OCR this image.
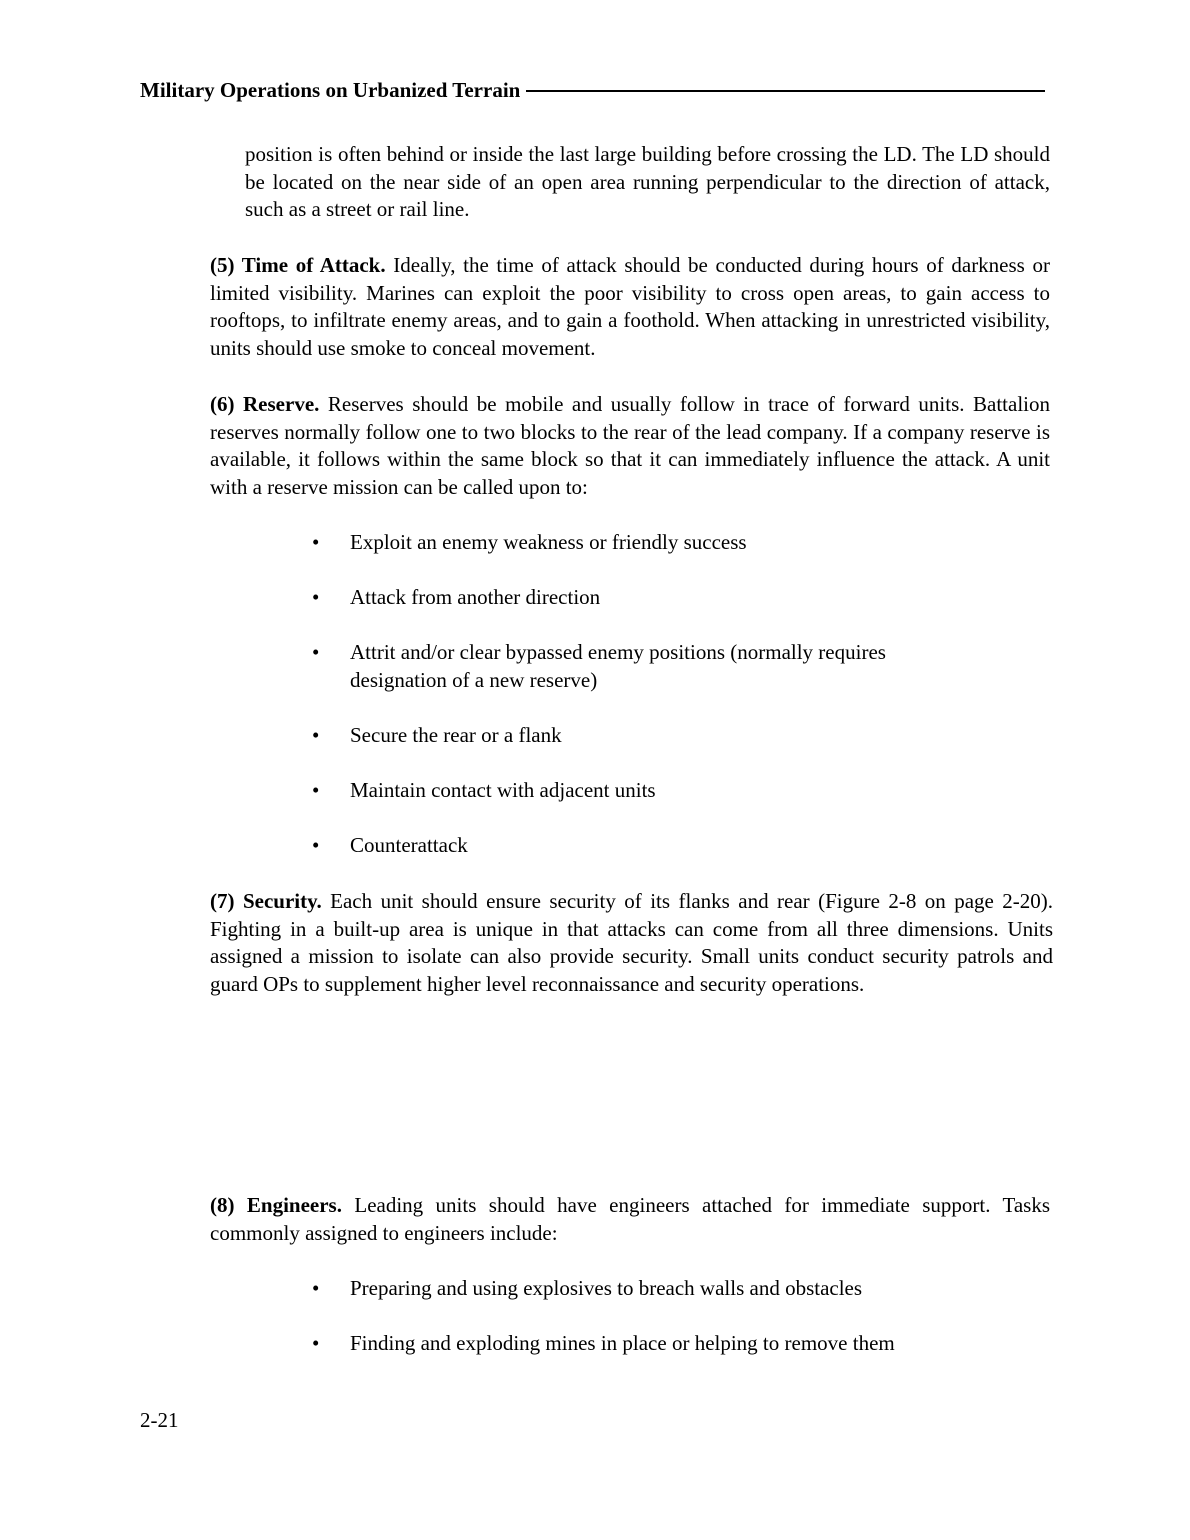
Military Operations on Urbanized Terrain

position is often behind or inside the last large building before crossing the LD. The LD should be located on the near side of an open area running perpendicular to the direction of attack, such as a street or rail line.

(5) Time of Attack. Ideally, the time of attack should be conducted during hours of darkness or limited visibility. Marines can exploit the poor visibility to cross open areas, to gain access to rooftops, to infiltrate enemy areas, and to gain a foothold. When attacking in unrestricted visibility, units should use smoke to conceal movement.

(6) Reserve. Reserves should be mobile and usually follow in trace of forward units. Battalion reserves normally follow one to two blocks to the rear of the lead company. If a company reserve is available, it follows within the same block so that it can immediately influence the attack. A unit with a reserve mission can be called upon to:

•	Exploit an enemy weakness or friendly success
•	Attack from another direction
•	Attrit and/or clear bypassed enemy positions (normally requires designation of a new reserve)
•	Secure the rear or a flank
•	Maintain contact with adjacent units
•	Counterattack

(7) Security. Each unit should ensure security of its flanks and rear (Figure 2-8 on page 2-20). Fighting in a built-up area is unique in that attacks can come from all three dimensions. Units assigned a mission to isolate can also provide security. Small units conduct security patrols and guard OPs to supplement higher level reconnaissance and security operations.

(8) Engineers. Leading units should have engineers attached for immediate support. Tasks commonly assigned to engineers include:

•	Preparing and using explosives to breach walls and obstacles
•	Finding and exploding mines in place or helping to remove them
2-21
